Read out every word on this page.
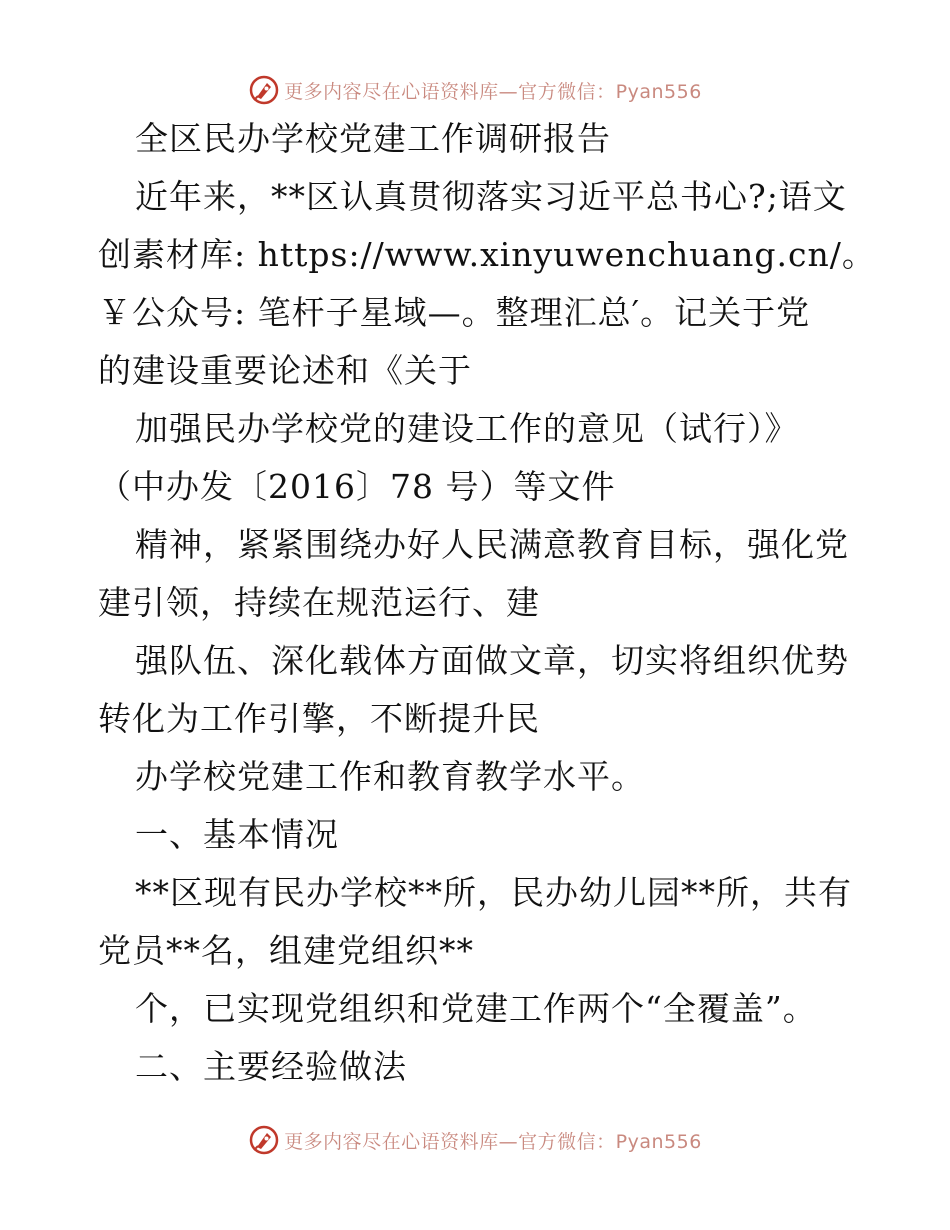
更多内容尽在心语资料库—官方微信：Pyan556
全区民办学校党建工作调研报告
近年来，**区认真贯彻落实习近平总书心?;语文
创素材库: https://www.xinyuwenchuang.cn/。
￥公众号: 笔杆子星域—。整理汇总′。记关于党
的建设重要论述和《关于
加强民办学校党的建设工作的意见（试行）》
（中办发〔2016〕78 号）等文件
精神，紧紧围绕办好人民满意教育目标，强化党
建引领，持续在规范运行、建
强队伍、深化载体方面做文章，切实将组织优势
转化为工作引擎，不断提升民
办学校党建工作和教育教学水平。
一、基本情况
**区现有民办学校**所，民办幼儿园**所，共有
党员**名，组建党组织**
个，已实现党组织和党建工作两个“全覆盖”。
二、主要经验做法
更多内容尽在心语资料库—官方微信：Pyan556
